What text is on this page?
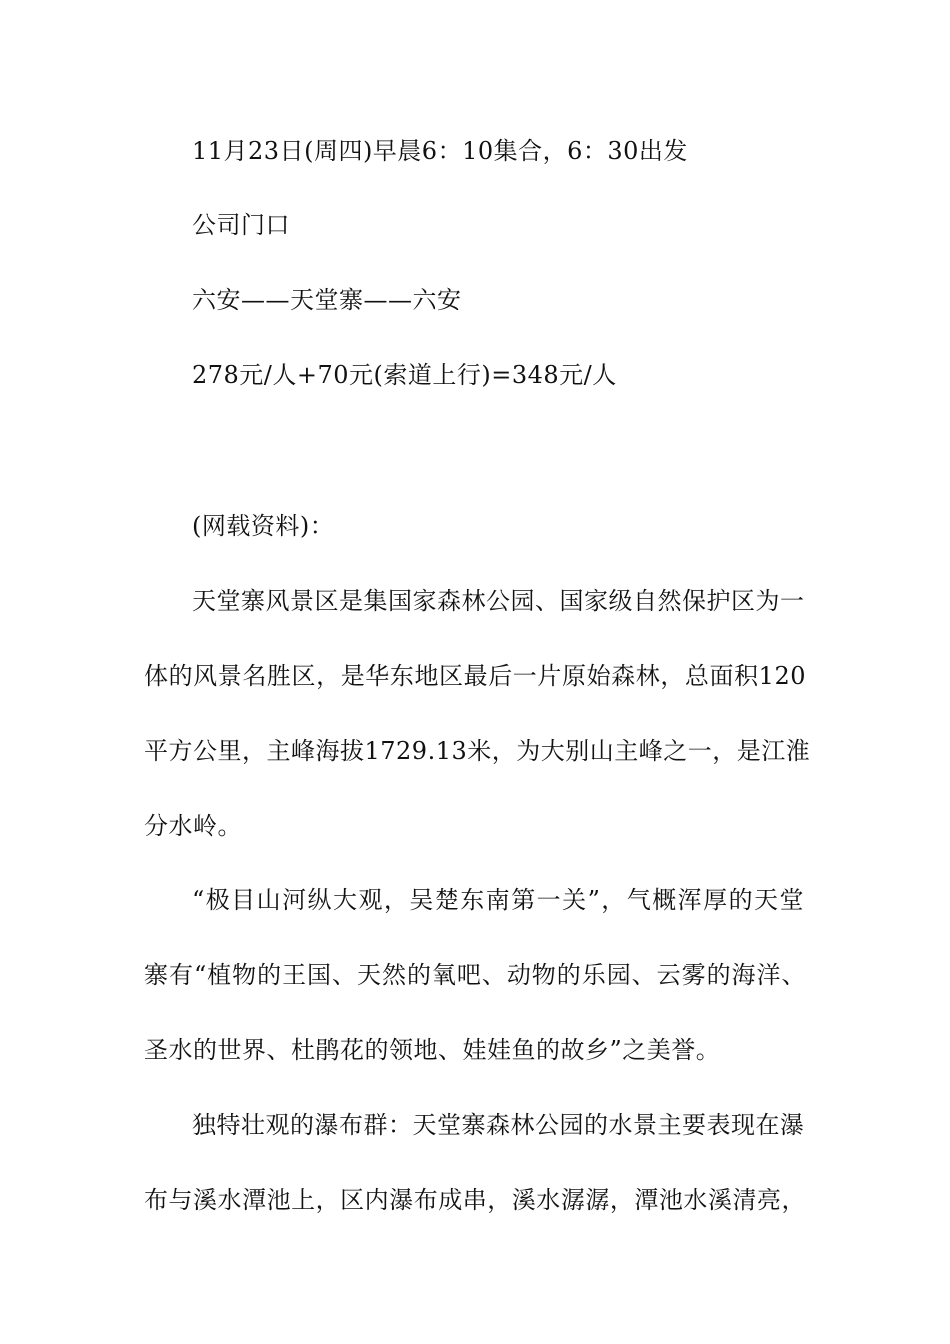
11月23日(周四)早晨6：10集合，6：30出发
公司门口
六安——天堂寨——六安
278元/人+70元(索道上行)=348元/人
(网载资料)：
天堂寨风景区是集国家森林公园、国家级自然保护区为一
体的风景名胜区，是华东地区最后一片原始森林，总面积120
平方公里，主峰海拔1729.13米，为大别山主峰之一，是江淮
分水岭。
“极目山河纵大观，吴楚东南第一关”，气概浑厚的天堂
寨有“植物的王国、天然的氧吧、动物的乐园、云雾的海洋、
圣水的世界、杜鹃花的领地、娃娃鱼的故乡”之美誉。
独特壮观的瀑布群：天堂寨森林公园的水景主要表现在瀑
布与溪水潭池上，区内瀑布成串，溪水潺潺，潭池水溪清亮，
